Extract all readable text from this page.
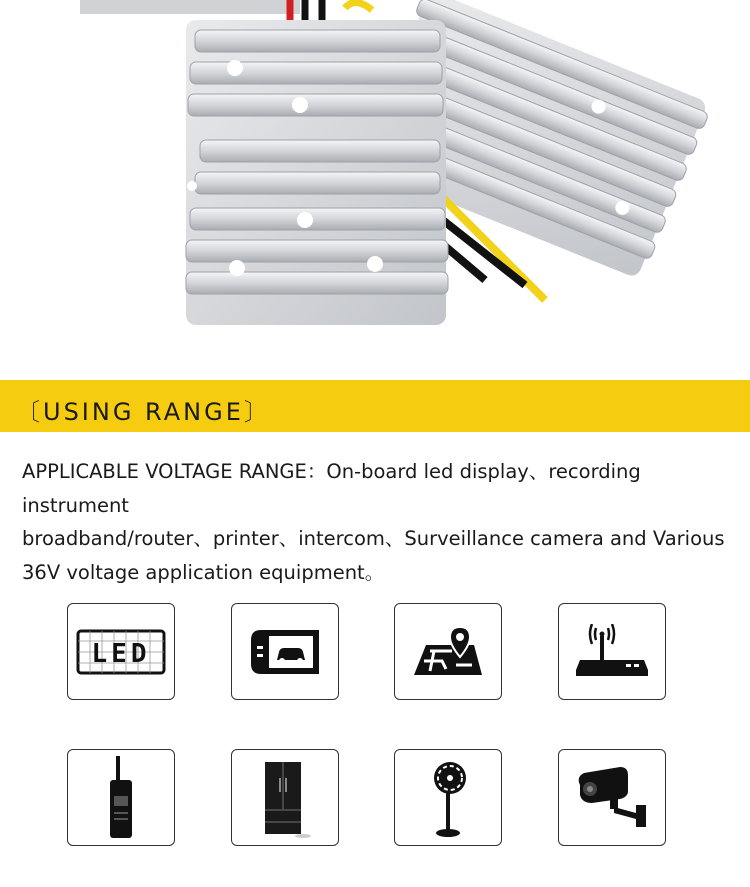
〔USING RANGE〕
APPLICABLE VOLTAGE RANGE：On-board led display、recording instrument
broadband/router、printer、intercom、Surveillance camera and Various
36V voltage application equipment。
LED
